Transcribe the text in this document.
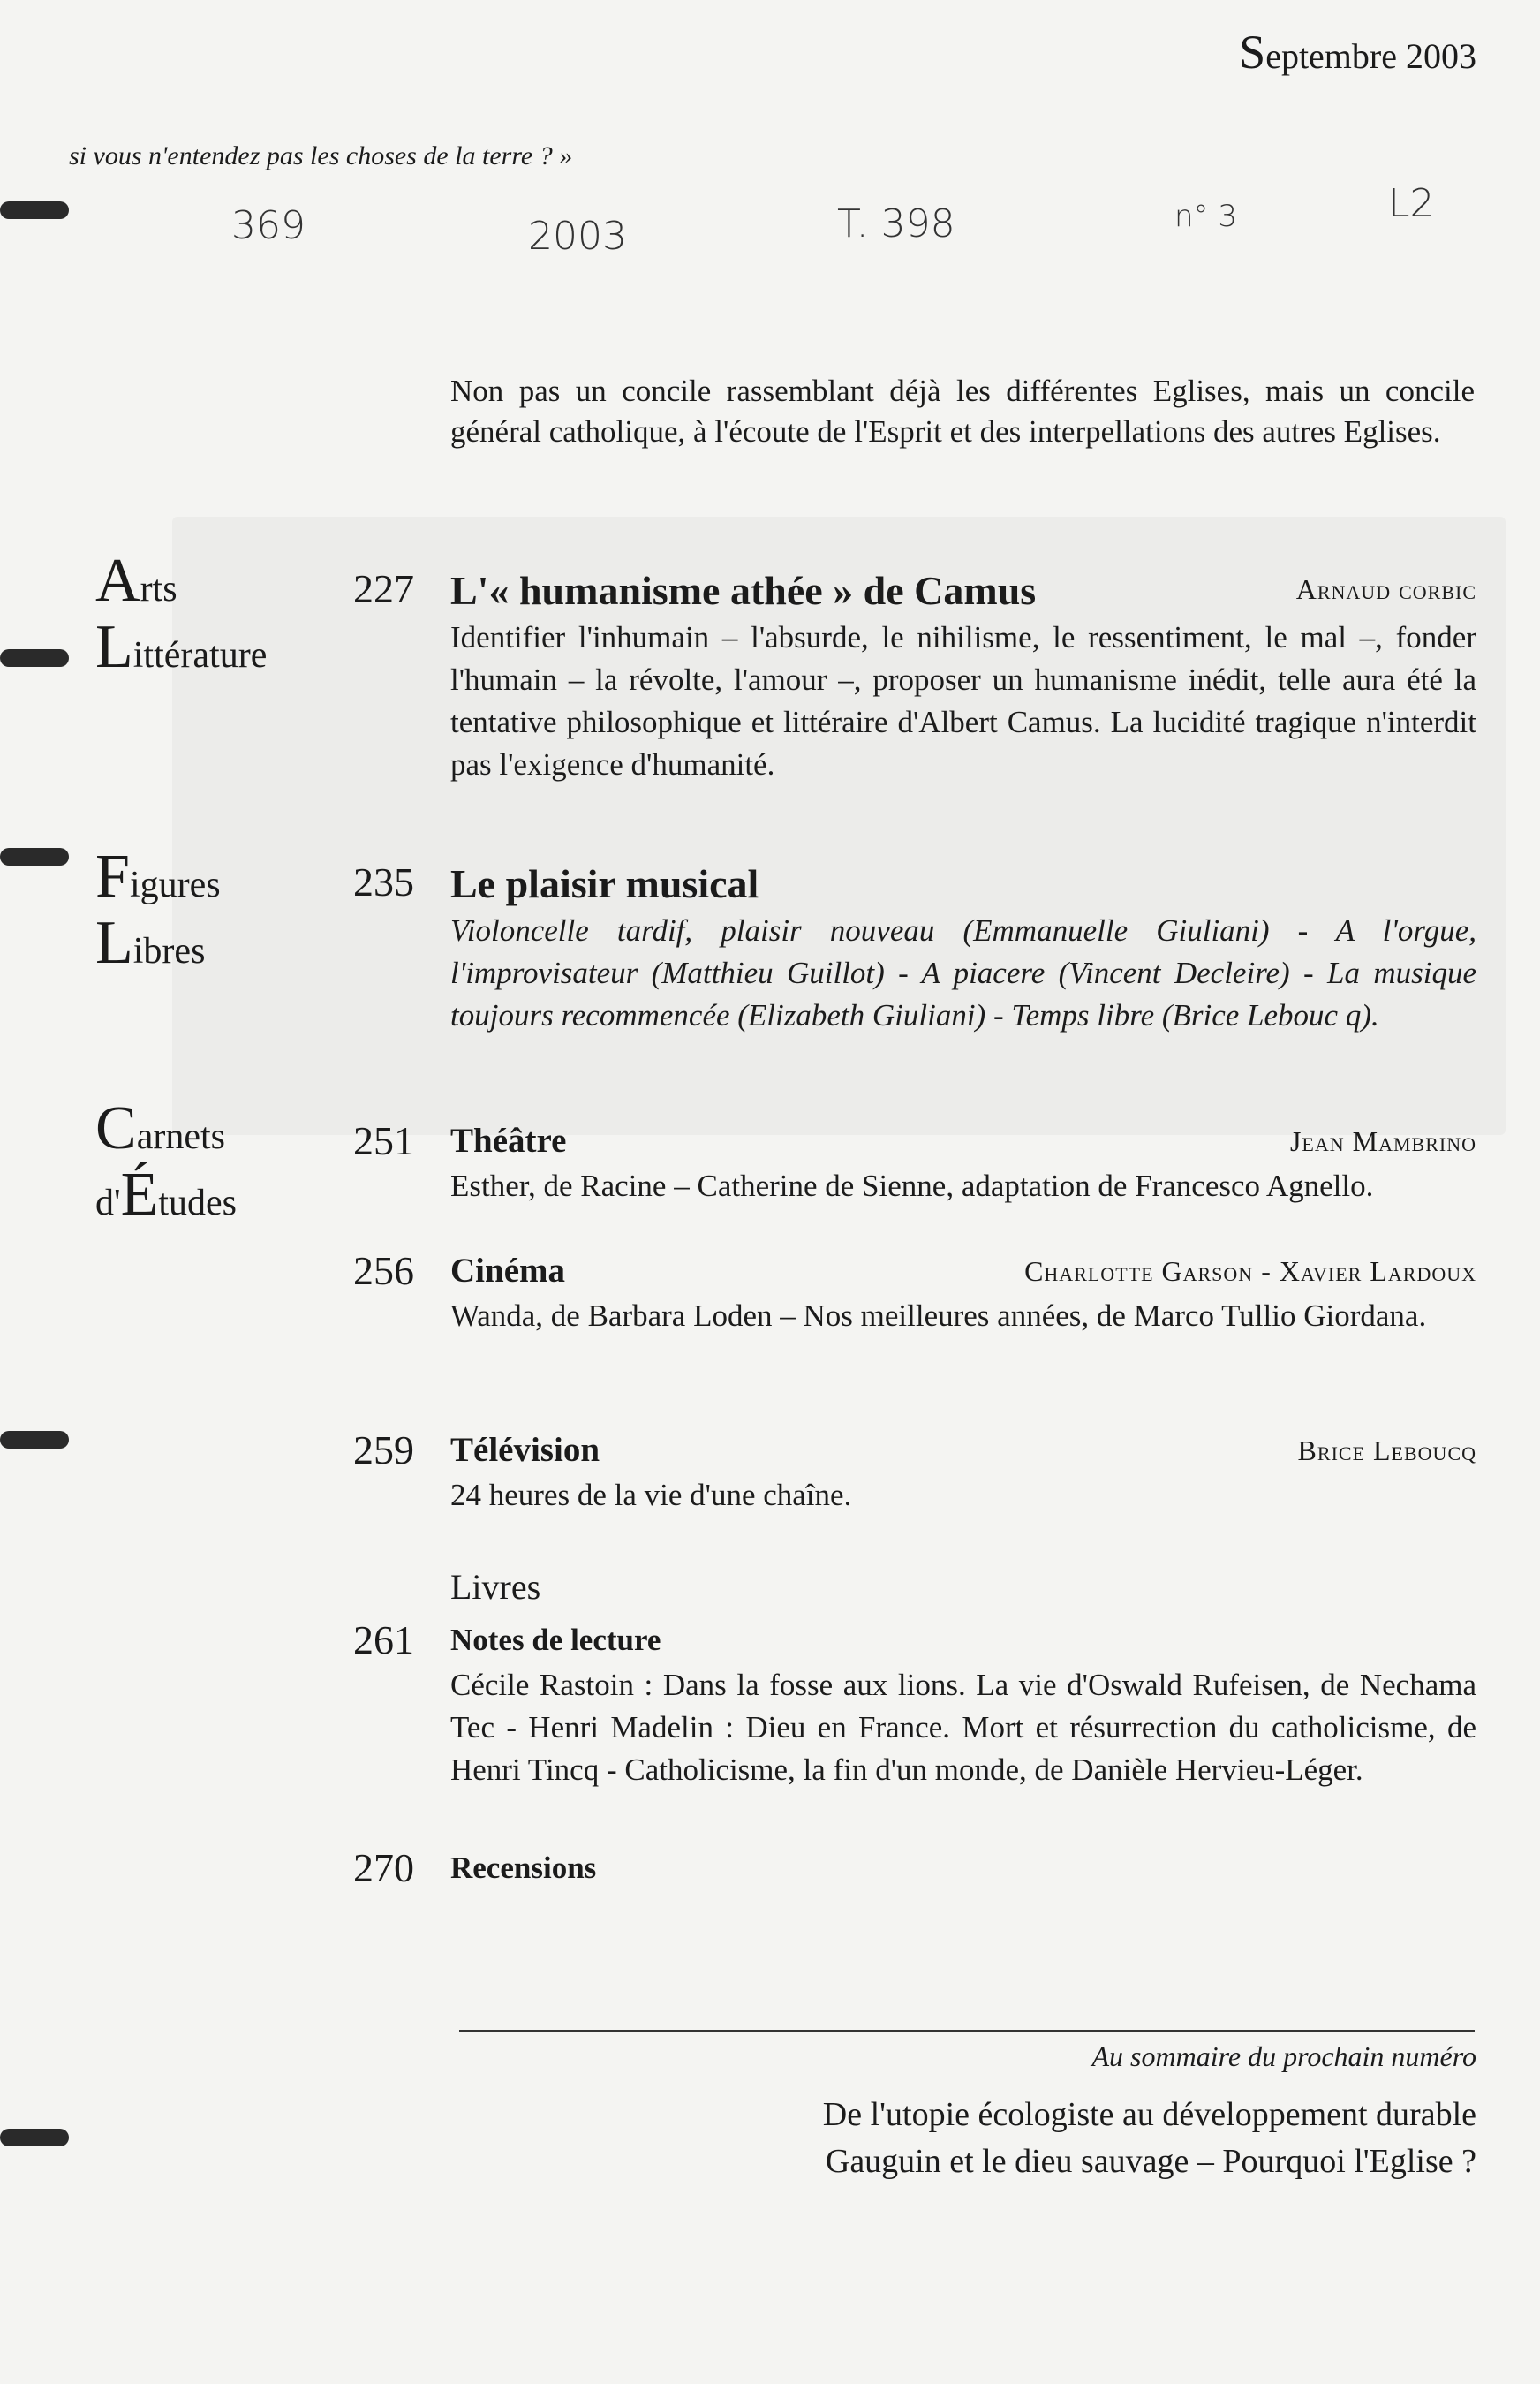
Septembre 2003
si vous n'entendez pas les choses de la terre ? »
369	2003	T. 398	n° 3	L2
Non pas un concile rassemblant déjà les différentes Eglises, mais un concile général catholique, à l'écoute de l'Esprit et des interpellations des autres Eglises.
Arts
Littérature
Figures
Libres
Carnets
d'Études
227 L'« humanisme athée » de Camus	Arnaud corbic
Identifier l'inhumain – l'absurde, le nihilisme, le ressentiment, le mal –, fonder l'humain – la révolte, l'amour –, proposer un humanisme inédit, telle aura été la tentative philosophique et littéraire d'Albert Camus. La lucidité tragique n'interdit pas l'exigence d'humanité.
235 Le plaisir musical
Violoncelle tardif, plaisir nouveau (Emmanuelle Giuliani) - A l'orgue, l'improvisateur (Matthieu Guillot) - A piacere (Vincent Decleire) - La musique toujours recommencée (Elizabeth Giuliani) - Temps libre (Brice Lebouc q).
251 Théâtre	Jean Mambrino
Esther, de Racine – Catherine de Sienne, adaptation de Francesco Agnello.
256 Cinéma	Charlotte Garson - Xavier Lardoux
Wanda, de Barbara Loden – Nos meilleures années, de Marco Tullio Giordana.
259 Télévision	Brice Leboucq
24 heures de la vie d'une chaîne.
Livres
261 Notes de lecture
Cécile Rastoin : Dans la fosse aux lions. La vie d'Oswald Rufeisen, de Nechama Tec - Henri Madelin : Dieu en France. Mort et résurrection du catholicisme, de Henri Tincq - Catholicisme, la fin d'un monde, de Danièle Hervieu-Léger.
270 Recensions
Au sommaire du prochain numéro
De l'utopie écologiste au développement durable
Gauguin et le dieu sauvage – Pourquoi l'Eglise ?
